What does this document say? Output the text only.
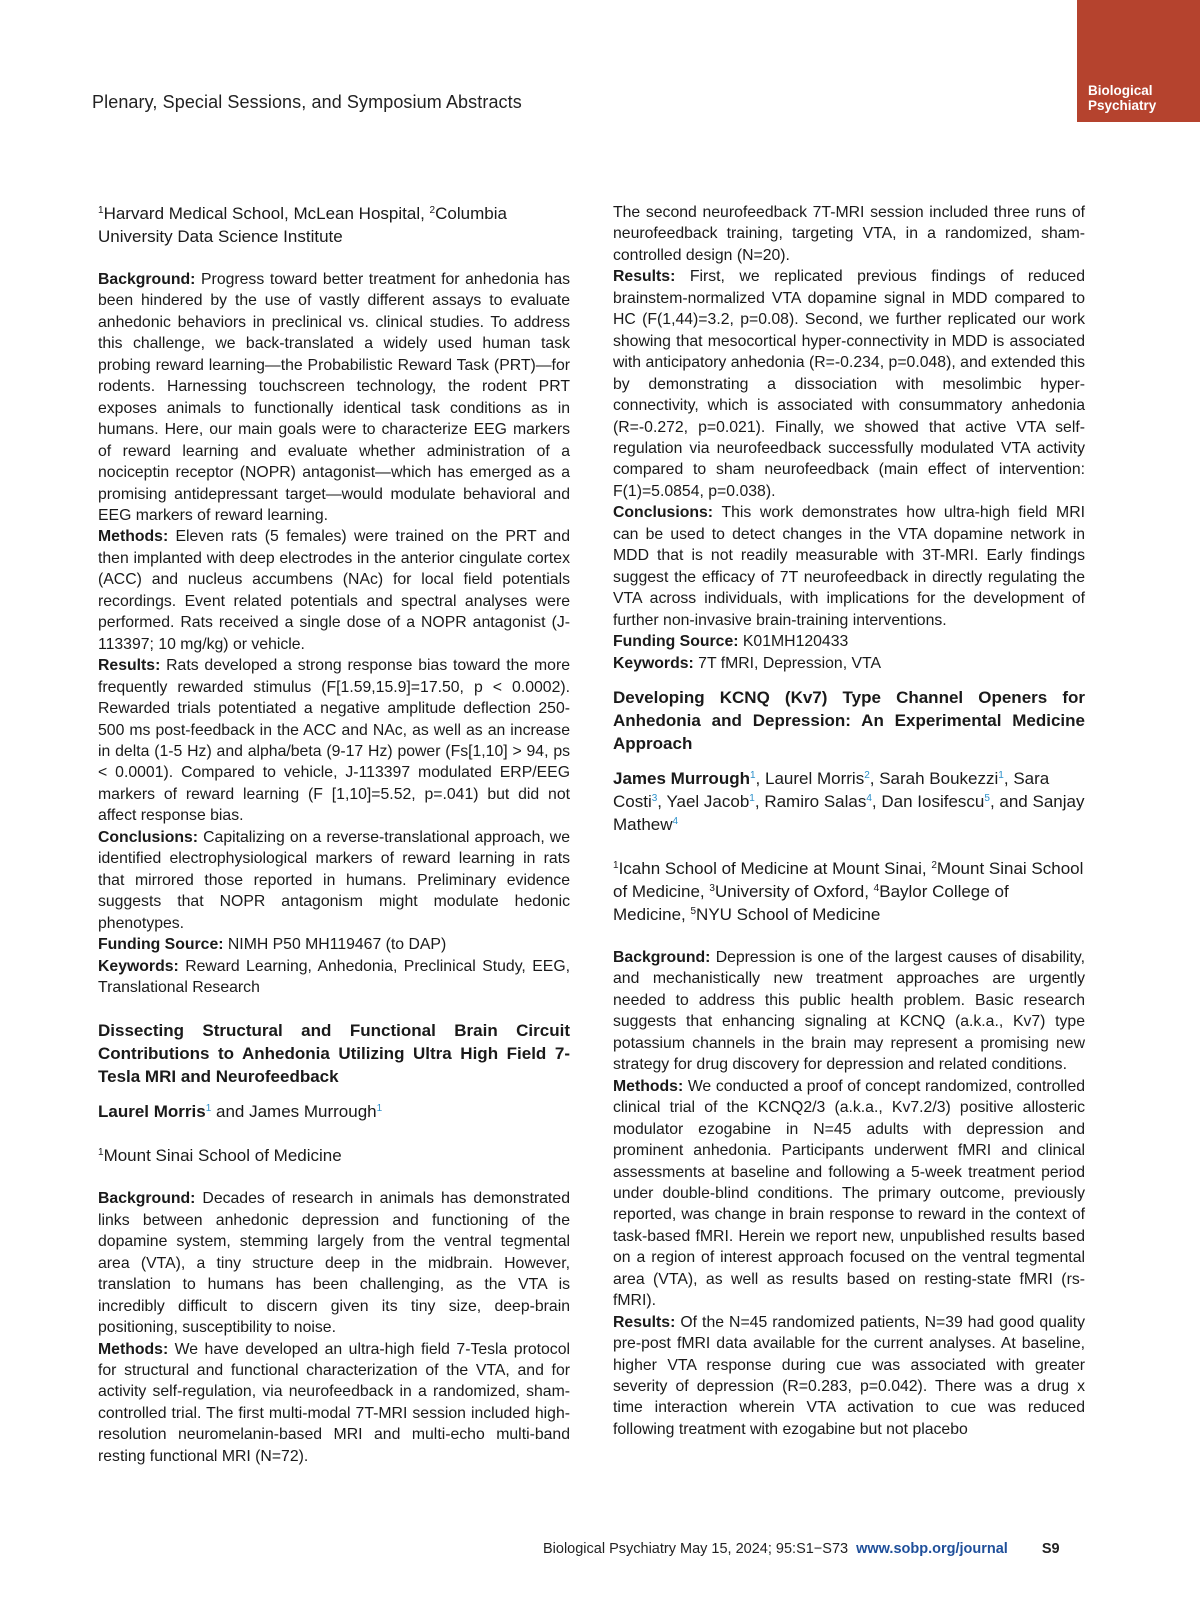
Plenary, Special Sessions, and Symposium Abstracts
Biological
Psychiatry

$^1$Harvard Medical School, McLean Hospital, $^2$Columbia University Data Science Institute

Background: Progress toward better treatment for anhedonia has been hindered by the use of vastly different assays to evaluate anhedonic behaviors in preclinical vs. clinical studies. To address this challenge, we back-translated a widely used human task probing reward learning—the Probabilistic Reward Task (PRT)—for rodents. Harnessing touchscreen technology, the rodent PRT exposes animals to functionally identical task conditions as in humans. Here, our main goals were to characterize EEG markers of reward learning and evaluate whether administration of a nociceptin receptor (NOPR) antagonist—which has emerged as a promising antidepressant target—would modulate behavioral and EEG markers of reward learning.

Methods: Eleven rats (5 females) were trained on the PRT and then implanted with deep electrodes in the anterior cingulate cortex (ACC) and nucleus accumbens (NAc) for local field potentials recordings. Event related potentials and spectral analyses were performed. Rats received a single dose of a NOPR antagonist (J-113397; 10 mg/kg) or vehicle.

Results: Rats developed a strong response bias toward the more frequently rewarded stimulus (F[1.59,15.9]=17.50, p < 0.0002). Rewarded trials potentiated a negative amplitude deflection 250-500 ms post-feedback in the ACC and NAc, as well as an increase in delta (1-5 Hz) and alpha/beta (9-17 Hz) power (Fs[1,10] > 94, ps < 0.0001). Compared to vehicle, J-113397 modulated ERP/EEG markers of reward learning (F [1,10]=5.52, p=.041) but did not affect response bias.

Conclusions: Capitalizing on a reverse-translational approach, we identified electrophysiological markers of reward learning in rats that mirrored those reported in humans. Preliminary evidence suggests that NOPR antagonism might modulate hedonic phenotypes.

Funding Source: NIMH P50 MH119467 (to DAP)

Keywords: Reward Learning, Anhedonia, Preclinical Study, EEG, Translational Research

Dissecting Structural and Functional Brain Circuit Contributions to Anhedonia Utilizing Ultra High Field 7-Tesla MRI and Neurofeedback

Laurel Morris$^1$ and James Murrough$^1$

$^1$Mount Sinai School of Medicine

Background: Decades of research in animals has demonstrated links between anhedonic depression and functioning of the dopamine system, stemming largely from the ventral tegmental area (VTA), a tiny structure deep in the midbrain. However, translation to humans has been challenging, as the VTA is incredibly difficult to discern given its tiny size, deep-brain positioning, susceptibility to noise.

Methods: We have developed an ultra-high field 7-Tesla protocol for structural and functional characterization of the VTA, and for activity self-regulation, via neurofeedback in a randomized, sham-controlled trial. The first multi-modal 7T-MRI session included high-resolution neuromelanin-based MRI and multi-echo multi-band resting functional MRI (N=72).

The second neurofeedback 7T-MRI session included three runs of neurofeedback training, targeting VTA, in a randomized, sham-controlled design (N=20).

Results: First, we replicated previous findings of reduced brainstem-normalized VTA dopamine signal in MDD compared to HC (F(1,44)=3.2, p=0.08). Second, we further replicated our work showing that mesocortical hyper-connectivity in MDD is associated with anticipatory anhedonia (R=-0.234, p=0.048), and extended this by demonstrating a dissociation with mesolimbic hyper-connectivity, which is associated with consummatory anhedonia (R=-0.272, p=0.021). Finally, we showed that active VTA self-regulation via neurofeedback successfully modulated VTA activity compared to sham neurofeedback (main effect of intervention: F(1)=5.0854, p=0.038).

Conclusions: This work demonstrates how ultra-high field MRI can be used to detect changes in the VTA dopamine network in MDD that is not readily measurable with 3T-MRI. Early findings suggest the efficacy of 7T neurofeedback in directly regulating the VTA across individuals, with implications for the development of further non-invasive brain-training interventions.

Funding Source: K01MH120433

Keywords: 7T fMRI, Depression, VTA

Developing KCNQ (Kv7) Type Channel Openers for Anhedonia and Depression: An Experimental Medicine Approach

James Murrough$^1$, Laurel Morris$^2$, Sarah Boukezzi$^1$, Sara Costi$^3$, Yael Jacob$^1$, Ramiro Salas$^4$, Dan Iosifescu$^5$, and Sanjay Mathew$^4$

$^1$Icahn School of Medicine at Mount Sinai, $^2$Mount Sinai School of Medicine, $^3$University of Oxford, $^4$Baylor College of Medicine, $^5$NYU School of Medicine

Background: Depression is one of the largest causes of disability, and mechanistically new treatment approaches are urgently needed to address this public health problem. Basic research suggests that enhancing signaling at KCNQ (a.k.a., Kv7) type potassium channels in the brain may represent a promising new strategy for drug discovery for depression and related conditions.

Methods: We conducted a proof of concept randomized, controlled clinical trial of the KCNQ2/3 (a.k.a., Kv7.2/3) positive allosteric modulator ezogabine in N=45 adults with depression and prominent anhedonia. Participants underwent fMRI and clinical assessments at baseline and following a 5-week treatment period under double-blind conditions. The primary outcome, previously reported, was change in brain response to reward in the context of task-based fMRI. Herein we report new, unpublished results based on a region of interest approach focused on the ventral tegmental area (VTA), as well as results based on resting-state fMRI (rs-fMRI).

Results: Of the N=45 randomized patients, N=39 had good quality pre-post fMRI data available for the current analyses. At baseline, higher VTA response during cue was associated with greater severity of depression (R=0.283, p=0.042). There was a drug x time interaction wherein VTA activation to cue was reduced following treatment with ezogabine but not placebo

Biological Psychiatry May 15, 2024; 95:S1−S73 www.sobp.org/journal S9
